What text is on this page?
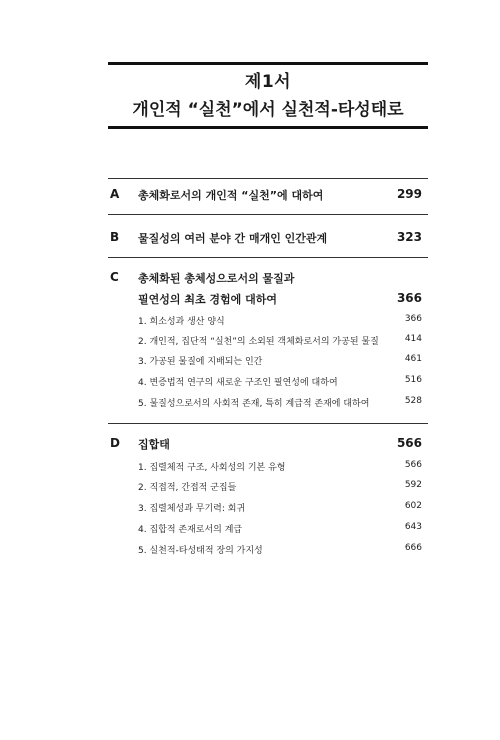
제1서
개인적 “실천”에서 실천적-타성태로
A 총체화로서의 개인적 “실천”에 대하여	299
B 물질성의 여러 분야 간 매개인 인간관계	323
C 총체화된 총체성으로서의 물질과
필연성의 최초 경험에 대하여	366
1. 희소성과 생산 양식	366
2. 개인적, 집단적 “실천”의 소외된 객체화로서의 가공된 물질	414
3. 가공된 물질에 지배되는 인간	461
4. 변증법적 연구의 새로운 구조인 필연성에 대하여	516
5. 물질성으로서의 사회적 존재, 특히 계급적 존재에 대하여	528
D 집합태	566
1. 집렬체적 구조, 사회성의 기본 유형	566
2. 직접적, 간접적 군집들	592
3. 집렬체성과 무기력: 회귀	602
4. 집합적 존재로서의 계급	643
5. 실천적-타성태적 장의 가지성	666
